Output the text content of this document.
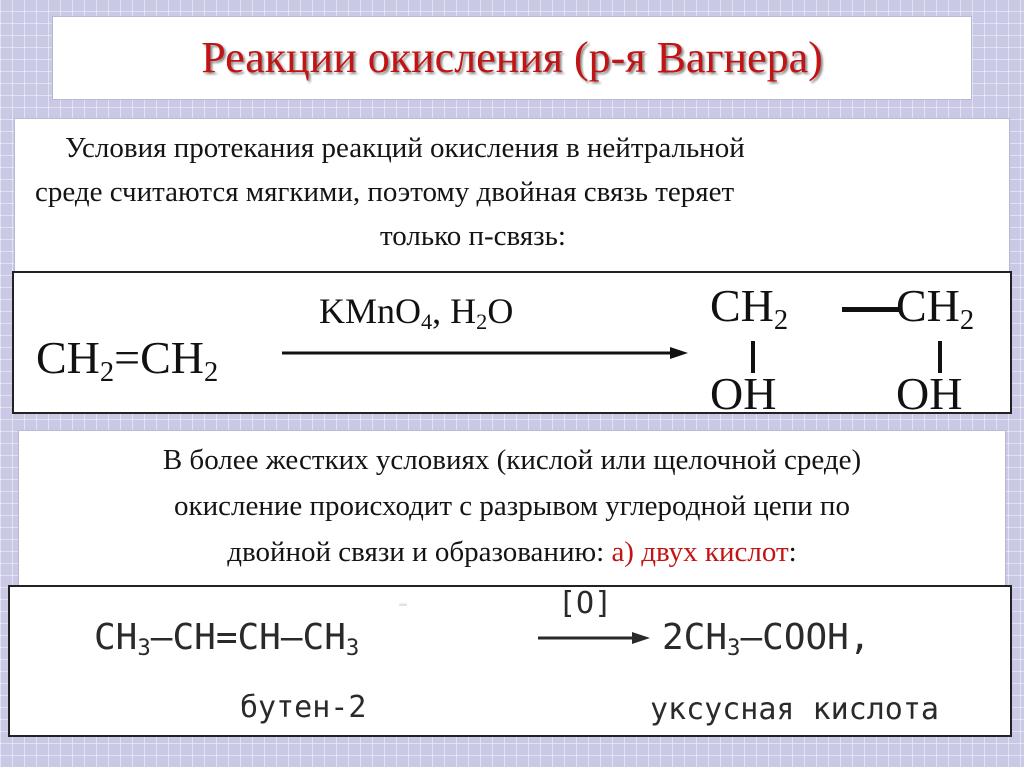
Реакции окисления (р-я Вагнера)
Условия протекания реакций окисления в нейтральной
среде считаются мягкими, поэтому двойная связь теряет
только п-связь:
$CH_2=CH_2$
KMnO$_4$, $H_2O$	$CH_2$ $CH_2$
OH	OH
В более жестких условиях (кислой или щелочной среде)
окисление происходит с разрывом углеродной цепи по
двойной связи и образованию: а) двух кислот:
-
$CH_3—CH=CH—CH_3$
[O]
$2CH_3—COOH$,
бутен-2	уксусная кислота
